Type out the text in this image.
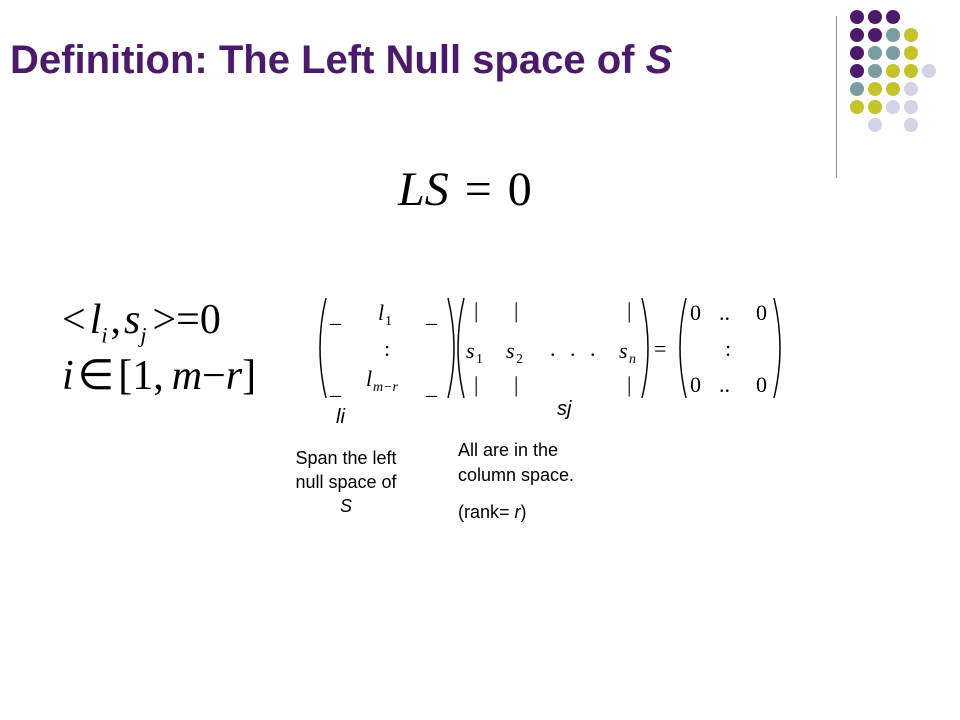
Definition: The Left Null space of S
LS = 0
$<l_i,s_j >=0$
i∈[1, m−r]
_ l 1 _
:
_ l m−r _
|
s 1
|
|
s 2
|
. . .
|
s n
|
=
0 .. 0
:
0 .. 0
li	sj
Span the left
null space of
S

All are in the

column space.

(rank= r)
